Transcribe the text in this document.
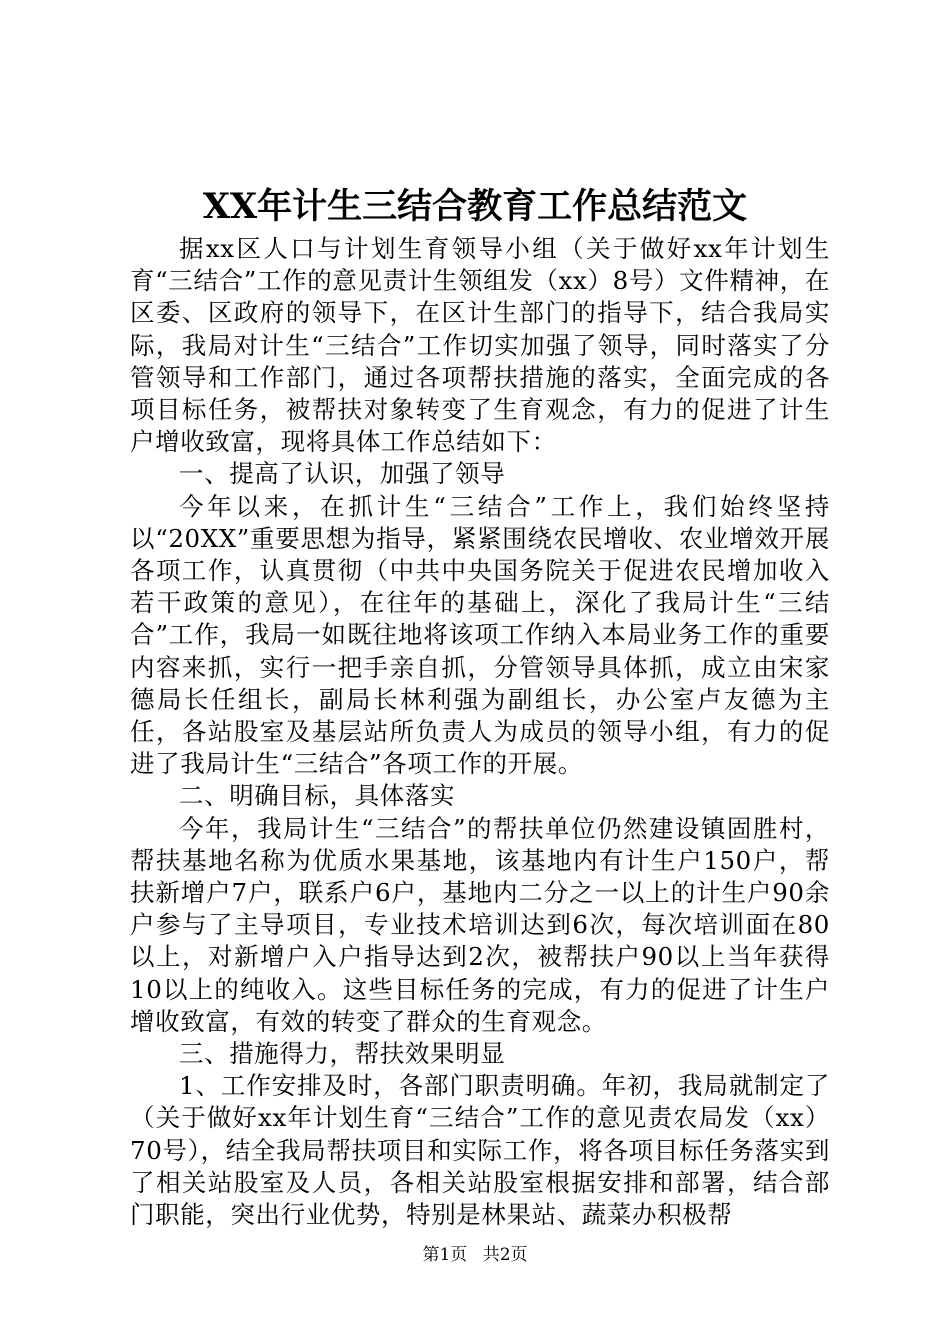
XX年计生三结合教育工作总结范文

据xx区人口与计划生育领导小组（关于做好xx年计划生育“三结合”工作的意见责计生领组发（xx）8号）文件精神，在区委、区政府的领导下，在区计生部门的指导下，结合我局实际，我局对计生“三结合”工作切实加强了领导，同时落实了分管领导和工作部门，通过各项帮扶措施的落实，全面完成的各项目标任务，被帮扶对象转变了生育观念，有力的促进了计生户增收致富，现将具体工作总结如下：

一、提高了认识，加强了领导

今年以来，在抓计生“三结合”工作上，我们始终坚持以“20XX”重要思想为指导，紧紧围绕农民增收、农业增效开展各项工作，认真贯彻（中共中央国务院关于促进农民增加收入若干政策的意见），在往年的基础上，深化了我局计生“三结合”工作，我局一如既往地将该项工作纳入本局业务工作的重要内容来抓，实行一把手亲自抓，分管领导具体抓，成立由宋家德局长任组长，副局长林利强为副组长，办公室卢友德为主任，各站股室及基层站所负责人为成员的领导小组，有力的促进了我局计生“三结合”各项工作的开展。

二、明确目标，具体落实

今年，我局计生“三结合”的帮扶单位仍然建设镇固胜村，帮扶基地名称为优质水果基地，该基地内有计生户150户，帮扶新增户7户，联系户6户，基地内二分之一以上的计生户90余户参与了主导项目，专业技术培训达到6次，每次培训面在80以上，对新增户入户指导达到2次，被帮扶户90以上当年获得10以上的纯收入。这些目标任务的完成，有力的促进了计生户增收致富，有效的转变了群众的生育观念。

三、措施得力，帮扶效果明显

1、工作安排及时，各部门职责明确。年初，我局就制定了（关于做好xx年计划生育“三结合”工作的意见责农局发（xx）70号），结全我局帮扶项目和实际工作，将各项目标任务落实到了相关站股室及人员，各相关站股室根据安排和部署，结合部门职能，突出行业优势，特别是林果站、蔬菜办积极帮

第1页 共2页
